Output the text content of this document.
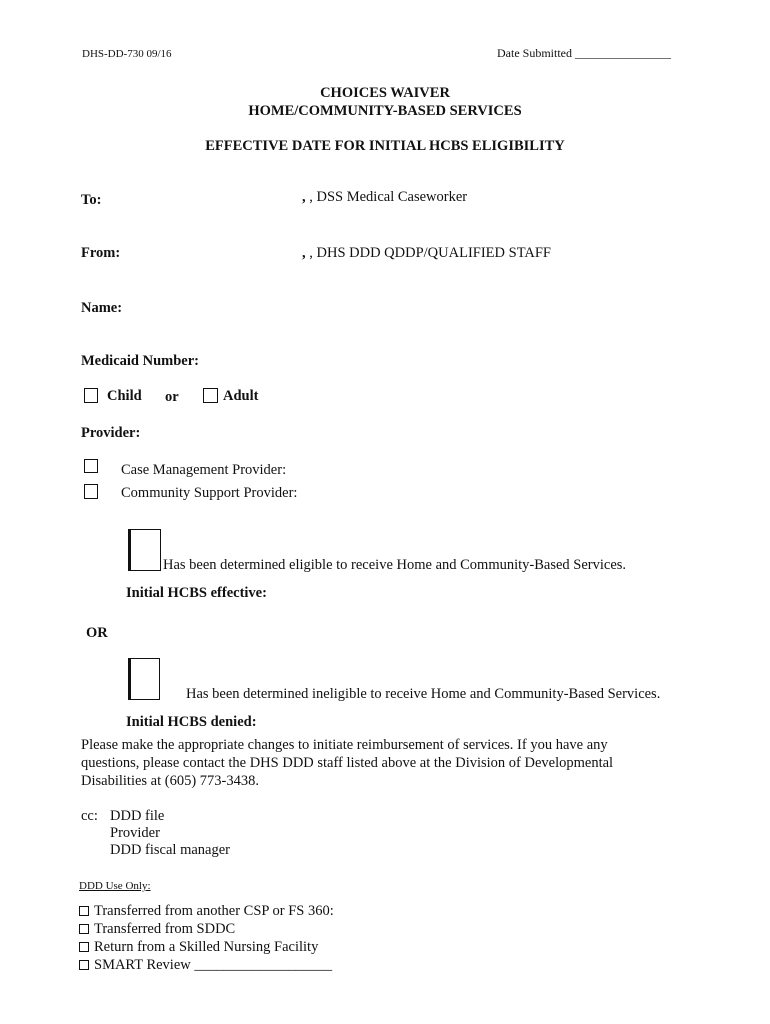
DHS-DD-730 09/16	Date Submitted ________________
CHOICES WAIVER
HOME/COMMUNITY-BASED SERVICES
EFFECTIVE DATE FOR INITIAL HCBS ELIGIBILITY
To:	, , DSS Medical Caseworker
From:	, , DHS DDD QDDP/QUALIFIED STAFF
Name:
Medicaid Number:
Child or	Adult
Provider:
Case Management Provider:
Community Support Provider:
Has been determined eligible to receive Home and Community-Based Services.
Initial HCBS effective:
OR
Has been determined ineligible to receive Home and Community-Based Services.
Initial HCBS denied:
Please make the appropriate changes to initiate reimbursement of services. If you have any questions, please contact the DHS DDD staff listed above at the Division of Developmental Disabilities at (605) 773-3438.
cc: DDD file
Provider
DDD fiscal manager
DDD Use Only:
Transferred from another CSP or FS 360:
Transferred from SDDC
Return from a Skilled Nursing Facility
SMART Review ___________________
